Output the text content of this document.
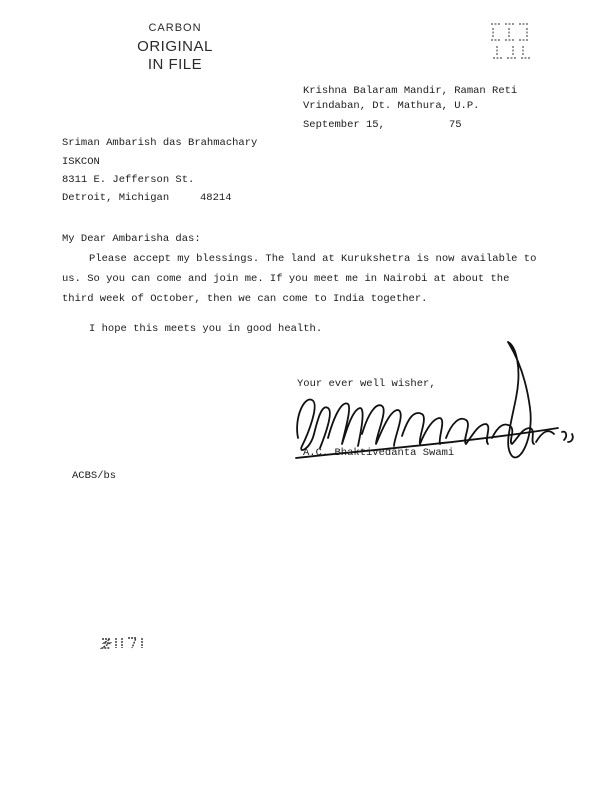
CARBON
ORIGINAL
IN FILE
Krishna Balaram Mandir, Raman Reti
Vrindaban, Dt. Mathura, U.P.
September 15,	75
Sriman Ambarish das Brahmachary
ISKCON
8311 E. Jefferson St.
Detroit, Michigan	48214
My Dear Ambarisha das:
Please accept my blessings. The land at Kurukshetra is now available to
us. So you can come and join me. If you meet me in Nairobi at about the
third week of October, then we can come to India together.
I hope this meets you in good health.
Your ever well wisher,
A.C. Bhaktivedanta Swami
ACBS/bs
